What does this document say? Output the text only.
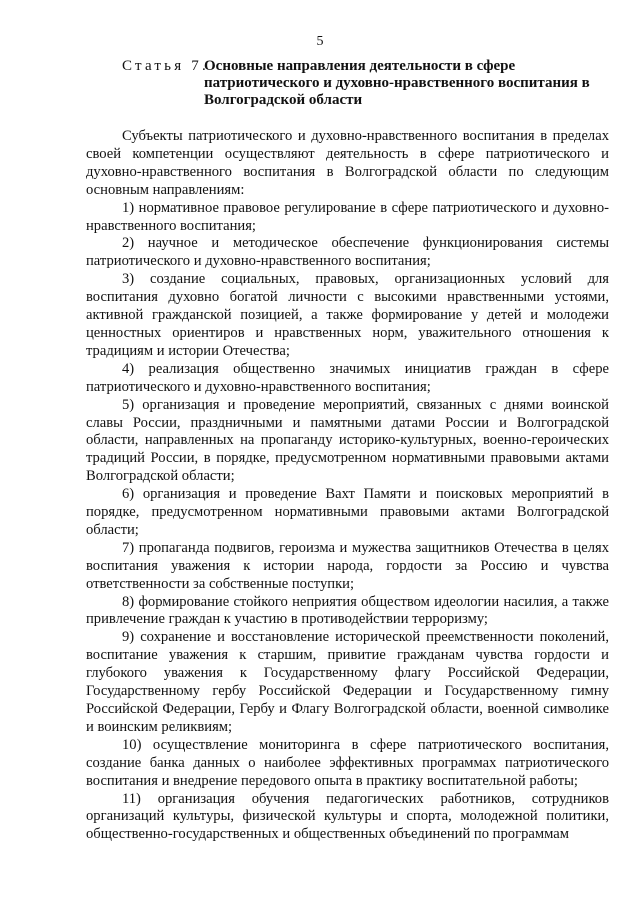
5
Статья 7.
Основные направления деятельности в сфере патриотического и духовно-нравственного воспитания в Волгоградской области

Субъекты патриотического и духовно-нравственного воспитания в пределах своей компетенции осуществляют деятельность в сфере патриотического и духовно-нравственного воспитания в Волгоградской области по следующим основным направлениям:

1) нормативное правовое регулирование в сфере патриотического и духовно-нравственного воспитания;

2) научное и методическое обеспечение функционирования системы патриотического и духовно-нравственного воспитания;

3) создание социальных, правовых, организационных условий для воспитания духовно богатой личности с высокими нравственными устоями, активной гражданской позицией, а также формирование у детей и молодежи ценностных ориентиров и нравственных норм, уважительного отношения к традициям и истории Отечества;

4) реализация общественно значимых инициатив граждан в сфере патриотического и духовно-нравственного воспитания;

5) организация и проведение мероприятий, связанных с днями воинской славы России, праздничными и памятными датами России и Волгоградской области, направленных на пропаганду историко-культурных, военно-героических традиций России, в порядке, предусмотренном нормативными правовыми актами Волгоградской области;

6) организация и проведение Вахт Памяти и поисковых мероприятий в порядке, предусмотренном нормативными правовыми актами Волгоградской области;

7) пропаганда подвигов, героизма и мужества защитников Отечества в целях воспитания уважения к истории народа, гордости за Россию и чувства ответственности за собственные поступки;

8) формирование стойкого неприятия обществом идеологии насилия, а также привлечение граждан к участию в противодействии терроризму;

9) сохранение и восстановление исторической преемственности поколений, воспитание уважения к старшим, привитие гражданам чувства гордости и глубокого уважения к Государственному флагу Российской Федерации, Государственному гербу Российской Федерации и Государственному гимну Российской Федерации, Гербу и Флагу Волгоградской области, военной символике и воинским реликвиям;

10) осуществление мониторинга в сфере патриотического воспитания, создание банка данных о наиболее эффективных программах патриотического воспитания и внедрение передового опыта в практику воспитательной работы;

11) организация обучения педагогических работников, сотрудников организаций культуры, физической культуры и спорта, молодежной политики, общественно-государственных и общественных объединений по программам
